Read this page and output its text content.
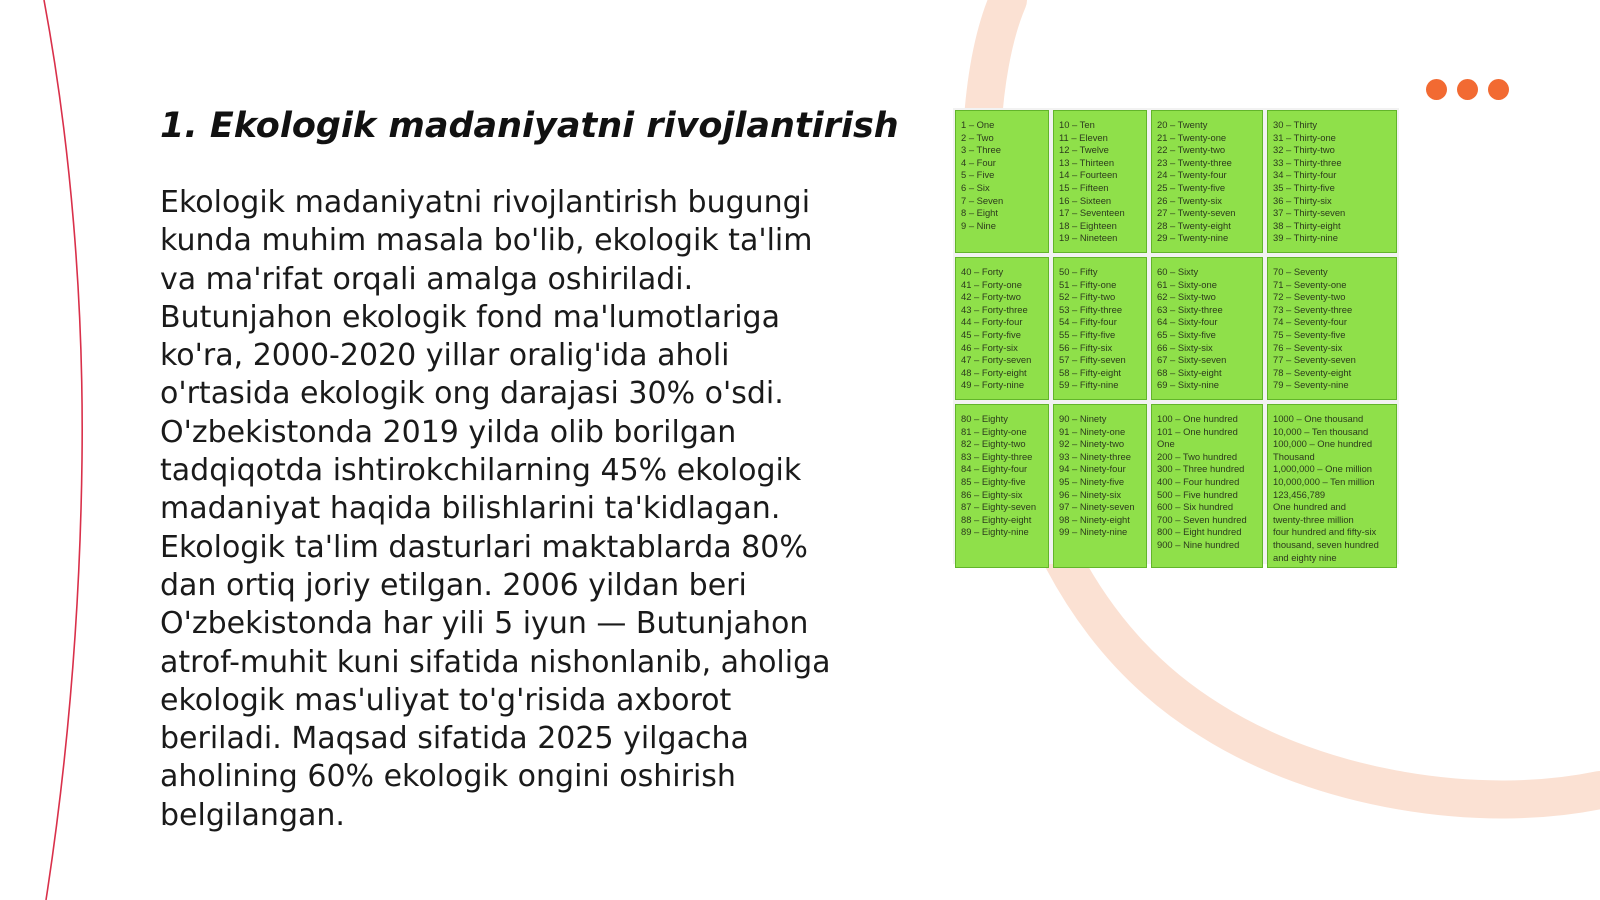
1. Ekologik madaniyatni rivojlantirish

Ekologik madaniyatni rivojlantirish bugungi
kunda muhim masala bo'lib, ekologik ta'lim
va ma'rifat orqali amalga oshiriladi.
Butunjahon ekologik fond ma'lumotlariga
ko'ra, 2000-2020 yillar oralig'ida aholi
o'rtasida ekologik ong darajasi 30% o'sdi.
O'zbekistonda 2019 yilda olib borilgan
tadqiqotda ishtirokchilarning 45% ekologik
madaniyat haqida bilishlarini ta'kidlagan.
Ekologik ta'lim dasturlari maktablarda 80%
dan ortiq joriy etilgan. 2006 yildan beri
O'zbekistonda har yili 5 iyun — Butunjahon
atrof-muhit kuni sifatida nishonlanib, aholiga
ekologik mas'uliyat to'g'risida axborot
beriladi. Maqsad sifatida 2025 yilgacha
aholining 60% ekologik ongini oshirish
belgilangan.

1 – One
2 – Two
3 – Three
4 – Four
5 – Five
6 – Six
7 – Seven
8 – Eight
9 – Nine
10 – Ten
11 – Eleven
12 – Twelve
13 – Thirteen
14 – Fourteen
15 – Fifteen
16 – Sixteen
17 – Seventeen
18 – Eighteen
19 – Nineteen
20 – Twenty
21 – Twenty-one
22 – Twenty-two
23 – Twenty-three
24 – Twenty-four
25 – Twenty-five
26 – Twenty-six
27 – Twenty-seven
28 – Twenty-eight
29 – Twenty-nine
30 – Thirty
31 – Thirty-one
32 – Thirty-two
33 – Thirty-three
34 – Thirty-four
35 – Thirty-five
36 – Thirty-six
37 – Thirty-seven
38 – Thirty-eight
39 – Thirty-nine
40 – Forty
41 – Forty-one
42 – Forty-two
43 – Forty-three
44 – Forty-four
45 – Forty-five
46 – Forty-six
47 – Forty-seven
48 – Forty-eight
49 – Forty-nine
50 – Fifty
51 – Fifty-one
52 – Fifty-two
53 – Fifty-three
54 – Fifty-four
55 – Fifty-five
56 – Fifty-six
57 – Fifty-seven
58 – Fifty-eight
59 – Fifty-nine
60 – Sixty
61 – Sixty-one
62 – Sixty-two
63 – Sixty-three
64 – Sixty-four
65 – Sixty-five
66 – Sixty-six
67 – Sixty-seven
68 – Sixty-eight
69 – Sixty-nine
70 – Seventy
71 – Seventy-one
72 – Seventy-two
73 – Seventy-three
74 – Seventy-four
75 – Seventy-five
76 – Seventy-six
77 – Seventy-seven
78 – Seventy-eight
79 – Seventy-nine
80 – Eighty
81 – Eighty-one
82 – Eighty-two
83 – Eighty-three
84 – Eighty-four
85 – Eighty-five
86 – Eighty-six
87 – Eighty-seven
88 – Eighty-eight
89 – Eighty-nine
90 – Ninety
91 – Ninety-one
92 – Ninety-two
93 – Ninety-three
94 – Ninety-four
95 – Ninety-five
96 – Ninety-six
97 – Ninety-seven
98 – Ninety-eight
99 – Ninety-nine
100 – One hundred
101 – One hundred
One
200 – Two hundred
300 – Three hundred
400 – Four hundred
500 – Five hundred
600 – Six hundred
700 – Seven hundred
800 – Eight hundred
900 – Nine hundred
1000 – One thousand
10,000 – Ten thousand
100,000 – One hundred
Thousand
1,000,000 – One million
10,000,000 – Ten million
123,456,789
One hundred and
twenty-three million
four hundred and fifty-six
thousand, seven hundred
and eighty nine
